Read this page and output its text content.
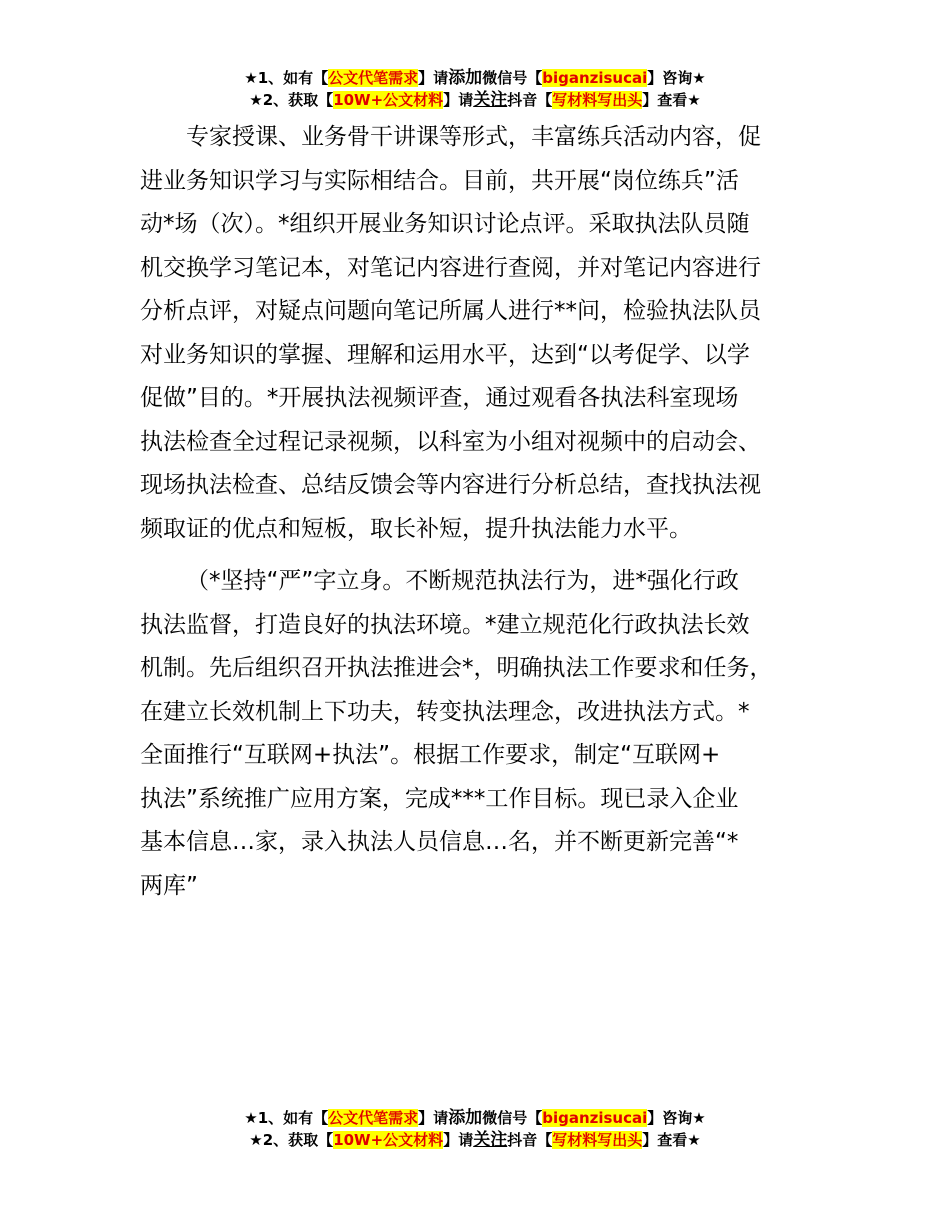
★1、如有【公文代笔需求】请添加微信号【biganzisucai】咨询★
★2、获取【10W+公文材料】请关注抖音【写材料写出头】查看★
专家授课、业务骨干讲课等形式，丰富练兵活动内容，促
进业务知识学习与实际相结合。目前，共开展“岗位练兵”活
动*场（次）。*组织开展业务知识讨论点评。采取执法队员随
机交换学习笔记本，对笔记内容进行查阅，并对笔记内容进行
分析点评，对疑点问题向笔记所属人进行**问，检验执法队员
对业务知识的掌握、理解和运用水平，达到“以考促学、以学
促做”目的。*开展执法视频评查，通过观看各执法科室现场
执法检查全过程记录视频，以科室为小组对视频中的启动会、
现场执法检查、总结反馈会等内容进行分析总结，查找执法视
频取证的优点和短板，取长补短，提升执法能力水平。
（*坚持“严”字立身。不断规范执法行为，进*强化行政
执法监督，打造良好的执法环境。*建立规范化行政执法长效
机制。先后组织召开执法推进会*，明确执法工作要求和任务，
在建立长效机制上下功夫，转变执法理念，改进执法方式。*
全面推行“互联网+执法”。根据工作要求，制定“互联网+
执法”系统推广应用方案，完成***工作目标。现已录入企业
基本信息…家，录入执法人员信息…名，并不断更新完善“*
两库”
★1、如有【公文代笔需求】请添加微信号【biganzisucai】咨询★
★2、获取【10W+公文材料】请关注抖音【写材料写出头】查看★
